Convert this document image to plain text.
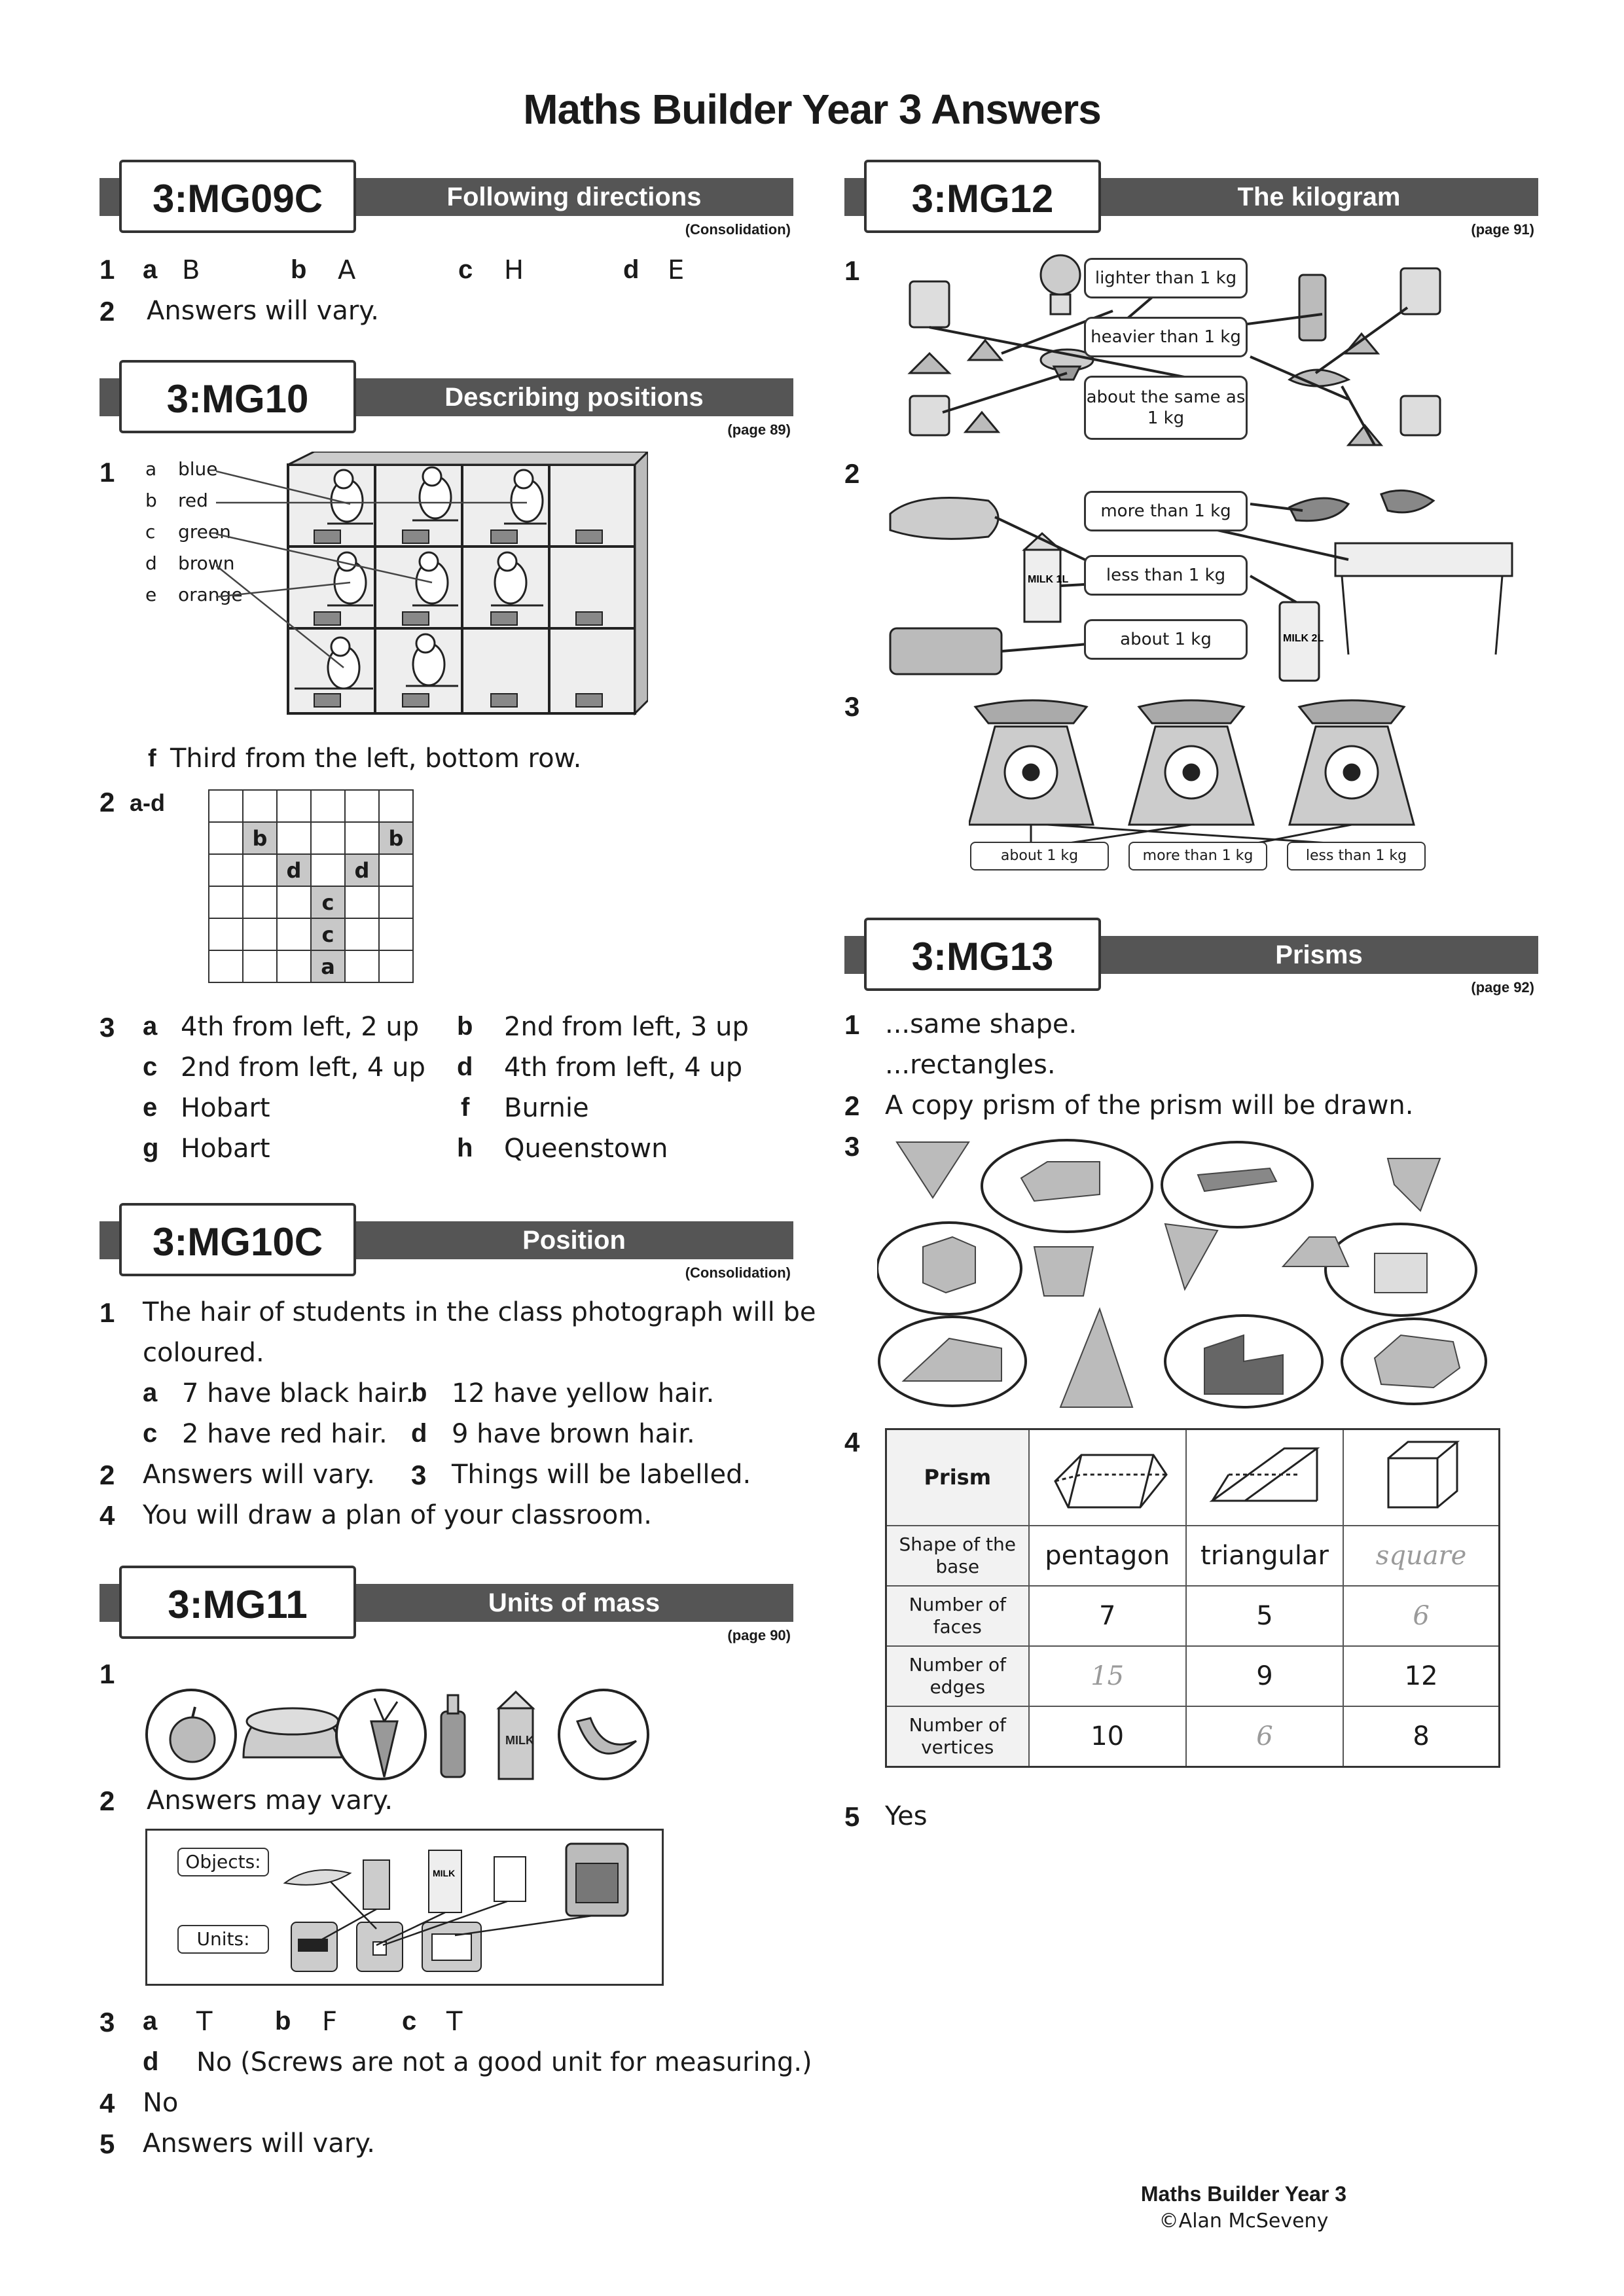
Maths Builder Year 3 Answers
Following directions
3:MG09C
(Consolidation)
1 a B	b A	c H	d E
2 Answers will vary.
Describing positions
3:MG10
(page 89)
1 a blue
b red
c green
d brown
e orange
f Third from the left, bottom row.
2 a-d

	b				b
		d		d	
			c		
			c		
			a		
3 a 4th from left, 2 up b 2nd from left, 3 up
c 2nd from left, 4 up d 4th from left, 4 up
e Hobart	f Burnie
g Hobart	h Queenstown
Position
3:MG10C
(Consolidation)
1 The hair of students in the class photograph will be
coloured.
a 7 have black hair.
b 12 have yellow hair.
c 2 have red hair. d 9 have brown hair.
2 Answers will vary. 3 Things will be labelled.
4 You will draw a plan of your classroom.
Units of mass
3:MG11
(page 90)
1
MILK
2 Answers may vary.
Objects:
Units:
MILK
3 a T b F c T
d No (Screws are not a good unit for measuring.)
4 No
5 Answers will vary.
The kilogram
3:MG12
(page 91)
1	lighter than 1 kg
heavier than 1 kg
about the same as 1 kg
2
MILK 1L
MILK 2L
more than 1 kg
less than 1 kg
about 1 kg
3
about 1 kg	more than 1 kg	less than 1 kg
Prisms
3:MG13
(page 92)
1 ...same shape.
...rectangles.
2 A copy prism of the prism will be drawn.
3
4
Prism			
Shape of the base	pentagon	triangular	square
Number of faces	7	5	6
Number of edges	15	9	12
Number of vertices	10	6	8
5 Yes
Maths Builder Year 3
©Alan McSeveny
